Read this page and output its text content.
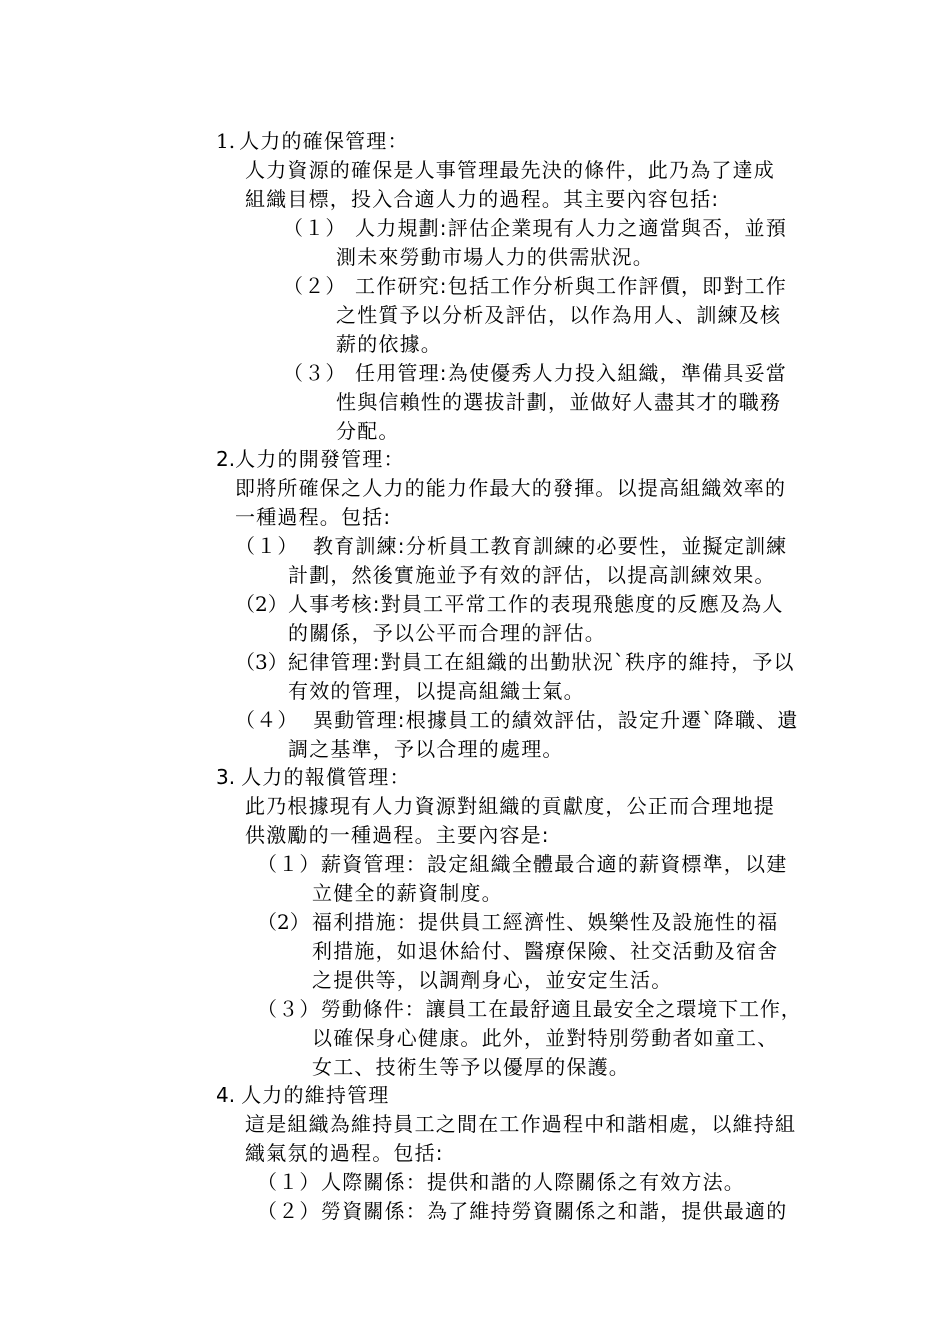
1. 人力的確保管理：
人力資源的確保是人事管理最先決的條件，此乃為了達成
組織目標，投入合適人力的過程。其主要內容包括:
（１） 人力規劃:評估企業現有人力之適當與否，並預
測未來勞動市場人力的供需狀況。
（２） 工作研究:包括工作分析與工作評價，即對工作
之性質予以分析及評估，以作為用人、訓練及核
薪的依據。
（３） 任用管理:為使優秀人力投入組織，準備具妥當
性與信賴性的選拔計劃，並做好人盡其才的職務
分配。
2.人力的開發管理：
即將所確保之人力的能力作最大的發揮。以提高組織效率的
一種過程。包括:
（１） 教育訓練:分析員工教育訓練的必要性，並擬定訓練
計劃，然後實施並予有效的評估，以提高訓練效果。
（2） 人事考核:對員工平常工作的表現飛態度的反應及為人
的關係，予以公平而合理的評估。
（3） 紀律管理:對員工在組織的出勤狀況`秩序的維持，予以
有效的管理，以提高組織士氣。
（４） 異動管理:根據員工的績效評估，設定升遷`降職、遺
調之基準，予以合理的處理。
3. 人力的報償管理：
此乃根據現有人力資源對組織的貢獻度，公正而合理地提
供激勵的一種過程。主要內容是:
（１） 薪資管理：設定組織全體最合適的薪資標準，以建
立健全的薪資制度。
（2） 福利措施：提供員工經濟性、娛樂性及設施性的福
利措施，如退休給付、醫療保險、社交活動及宿舍
之提供等，以調劑身心，並安定生活。
（３） 勞動條件：讓員工在最舒適且最安全之環境下工作，
以確保身心健康。此外，並對特別勞動者如童工、
女工、技術生等予以優厚的保護。
4. 人力的維持管理
這是組織為維持員工之間在工作過程中和諧相處，以維持組
織氣氛的過程。包括:
（１） 人際關係：提供和諧的人際關係之有效方法。
（２） 勞資關係：為了維持勞資關係之和諧，提供最適的
